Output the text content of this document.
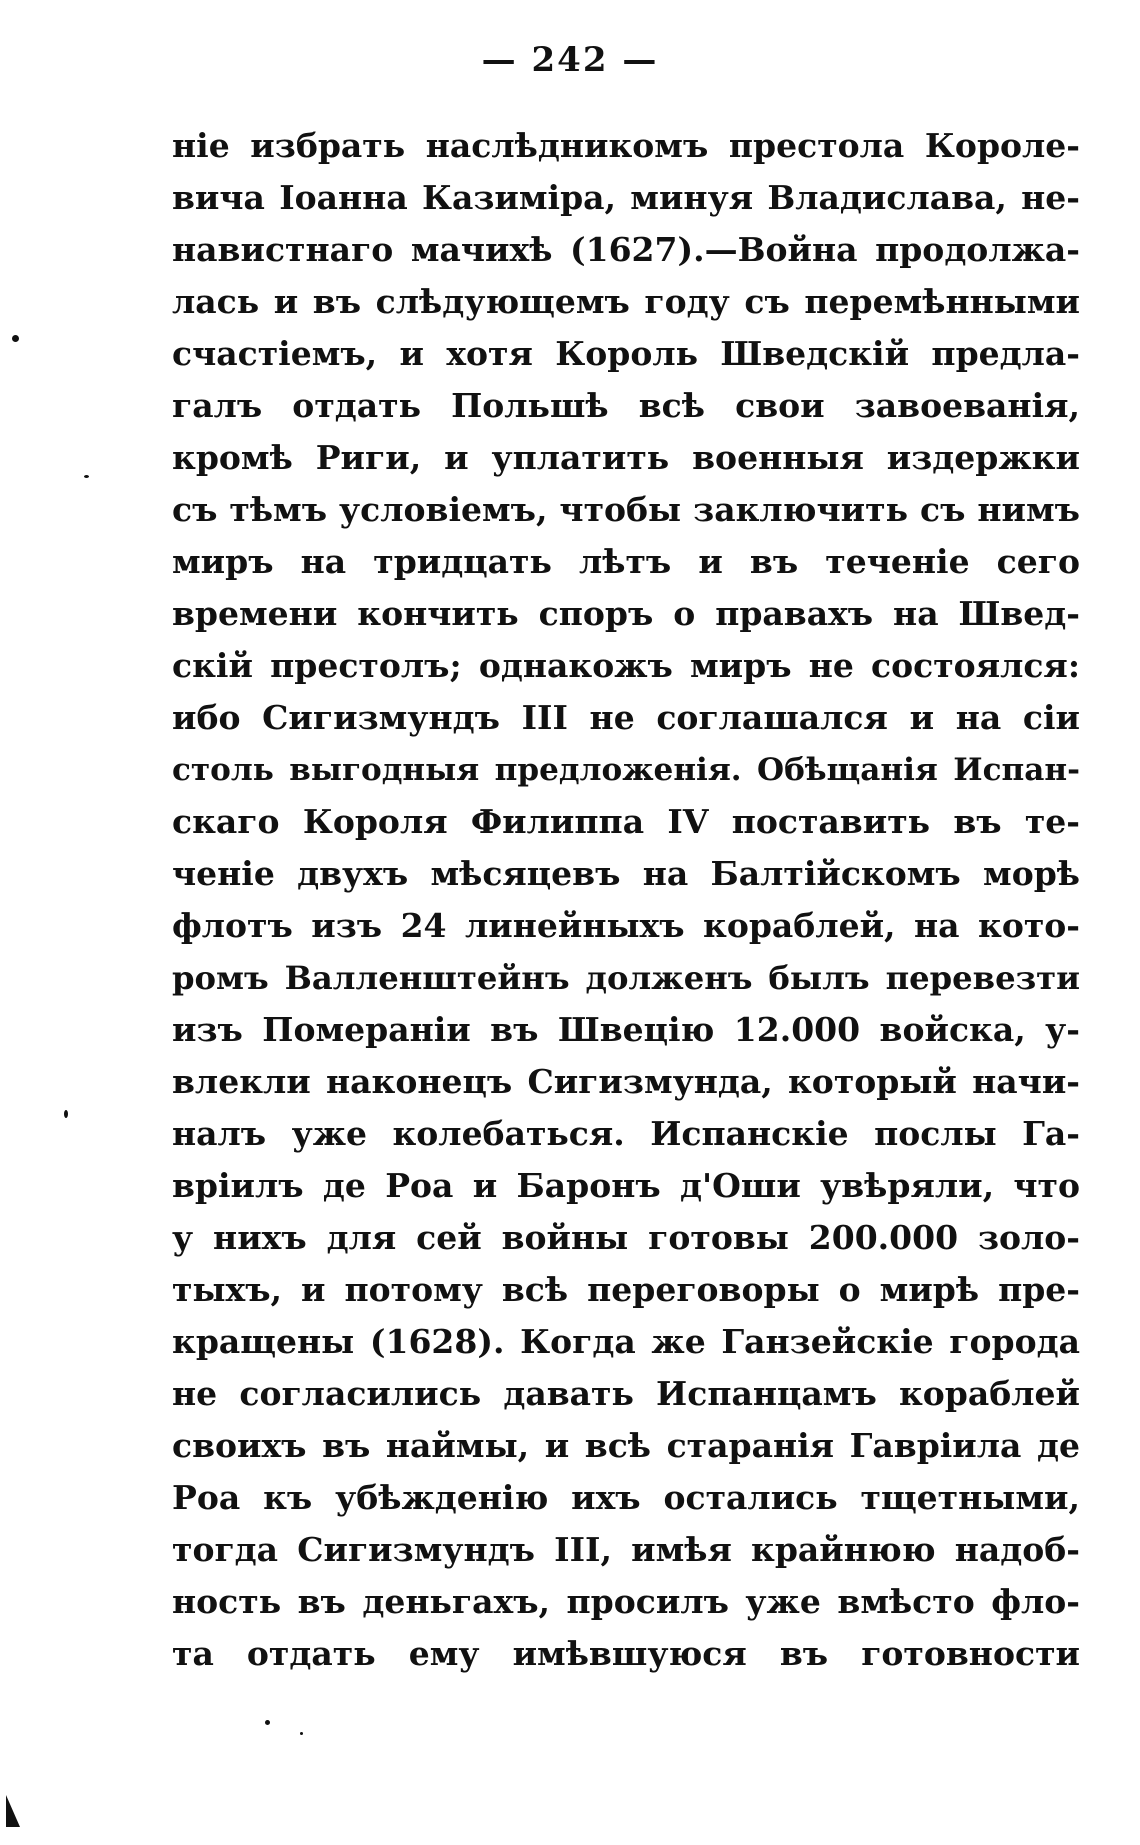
— 242 —
ніе избрать наслѣдникомъ престола Короле-
вича Іоанна Казиміра, минуя Владислава, не-
навистнаго мачихѣ (1627).—Война продолжа-
лась и въ слѣдующемъ году съ перемѣнными
счастіемъ, и хотя Король Шведскій предла-
галъ отдать Польшѣ всѣ свои завоеванія,
кромѣ Риги, и уплатить военныя издержки
съ тѣмъ условіемъ, чтобы заключить съ нимъ
миръ на тридцать лѣтъ и въ теченіе сего
времени кончить споръ о правахъ на Швед-
скій престолъ; однакожъ миръ не состоялся:
ибо Сигизмундъ III не соглашался и на сіи
столь выгодныя предложенія. Обѣщанія Испан-
скаго Короля Филиппа IV поставить въ те-
ченіе двухъ мѣсяцевъ на Балтійскомъ морѣ
флотъ изъ 24 линейныхъ кораблей, на кото-
ромъ Валленштейнъ долженъ былъ перевезти
изъ Помераніи въ Швецію 12.000 войска, у-
влекли наконецъ Сигизмунда, который начи-
налъ уже колебаться. Испанскіе послы Га-
вріилъ де Роа и Баронъ д'Оши увѣряли, что
у нихъ для сей войны готовы 200.000 золо-
тыхъ, и потому всѣ переговоры о мирѣ пре-
кращены (1628). Когда же Ганзейскіе города
не согласились давать Испанцамъ кораблей
своихъ въ наймы, и всѣ старанія Гавріила де
Роа къ убѣжденію ихъ остались тщетными,
тогда Сигизмундъ III, имѣя крайнюю надоб-
ность въ деньгахъ, просилъ уже вмѣсто фло-
та отдать ему имѣвшуюся въ готовности
